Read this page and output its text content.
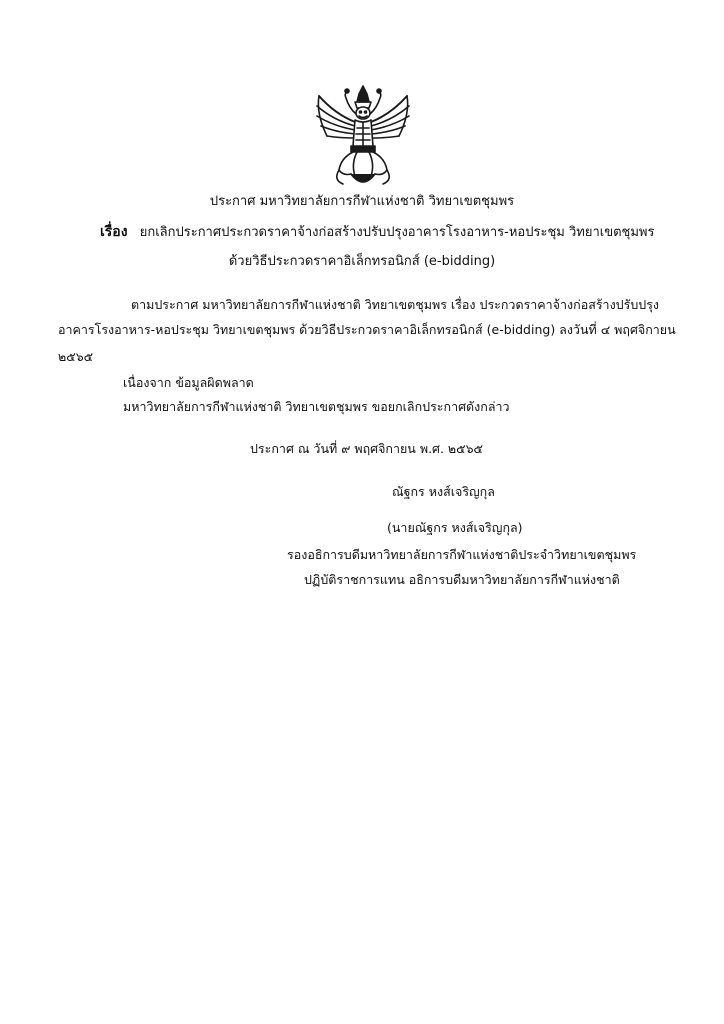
ประกาศ มหาวิทยาลัยการกีฬาแห่งชาติ วิทยาเขตชุมพร
เรื่อง ยกเลิกประกาศประกวดราคาจ้างก่อสร้างปรับปรุงอาคารโรงอาหาร-หอประชุม วิทยาเขตชุมพร
ด้วยวิธีประกวดราคาอิเล็กทรอนิกส์ (e-bidding)
ตามประกาศ มหาวิทยาลัยการกีฬาแห่งชาติ วิทยาเขตชุมพร เรื่อง ประกวดราคาจ้างก่อสร้างปรับปรุง
อาคารโรงอาหาร-หอประชุม วิทยาเขตชุมพร ด้วยวิธีประกวดราคาอิเล็กทรอนิกส์ (e-bidding) ลงวันที่ ๔ พฤศจิกายน
๒๕๖๕
เนื่องจาก ข้อมูลผิดพลาด
มหาวิทยาลัยการกีฬาแห่งชาติ วิทยาเขตชุมพร ขอยกเลิกประกาศดังกล่าว
ประกาศ ณ วันที่ ๙ พฤศจิกายน พ.ศ. ๒๕๖๕
ณัฐกร หงส์เจริญกุล
(นายณัฐกร หงส์เจริญกุล)
รองอธิการบดีมหาวิทยาลัยการกีฬาแห่งชาติประจำวิทยาเขตชุมพร
ปฏิบัติราชการแทน อธิการบดีมหาวิทยาลัยการกีฬาแห่งชาติ
